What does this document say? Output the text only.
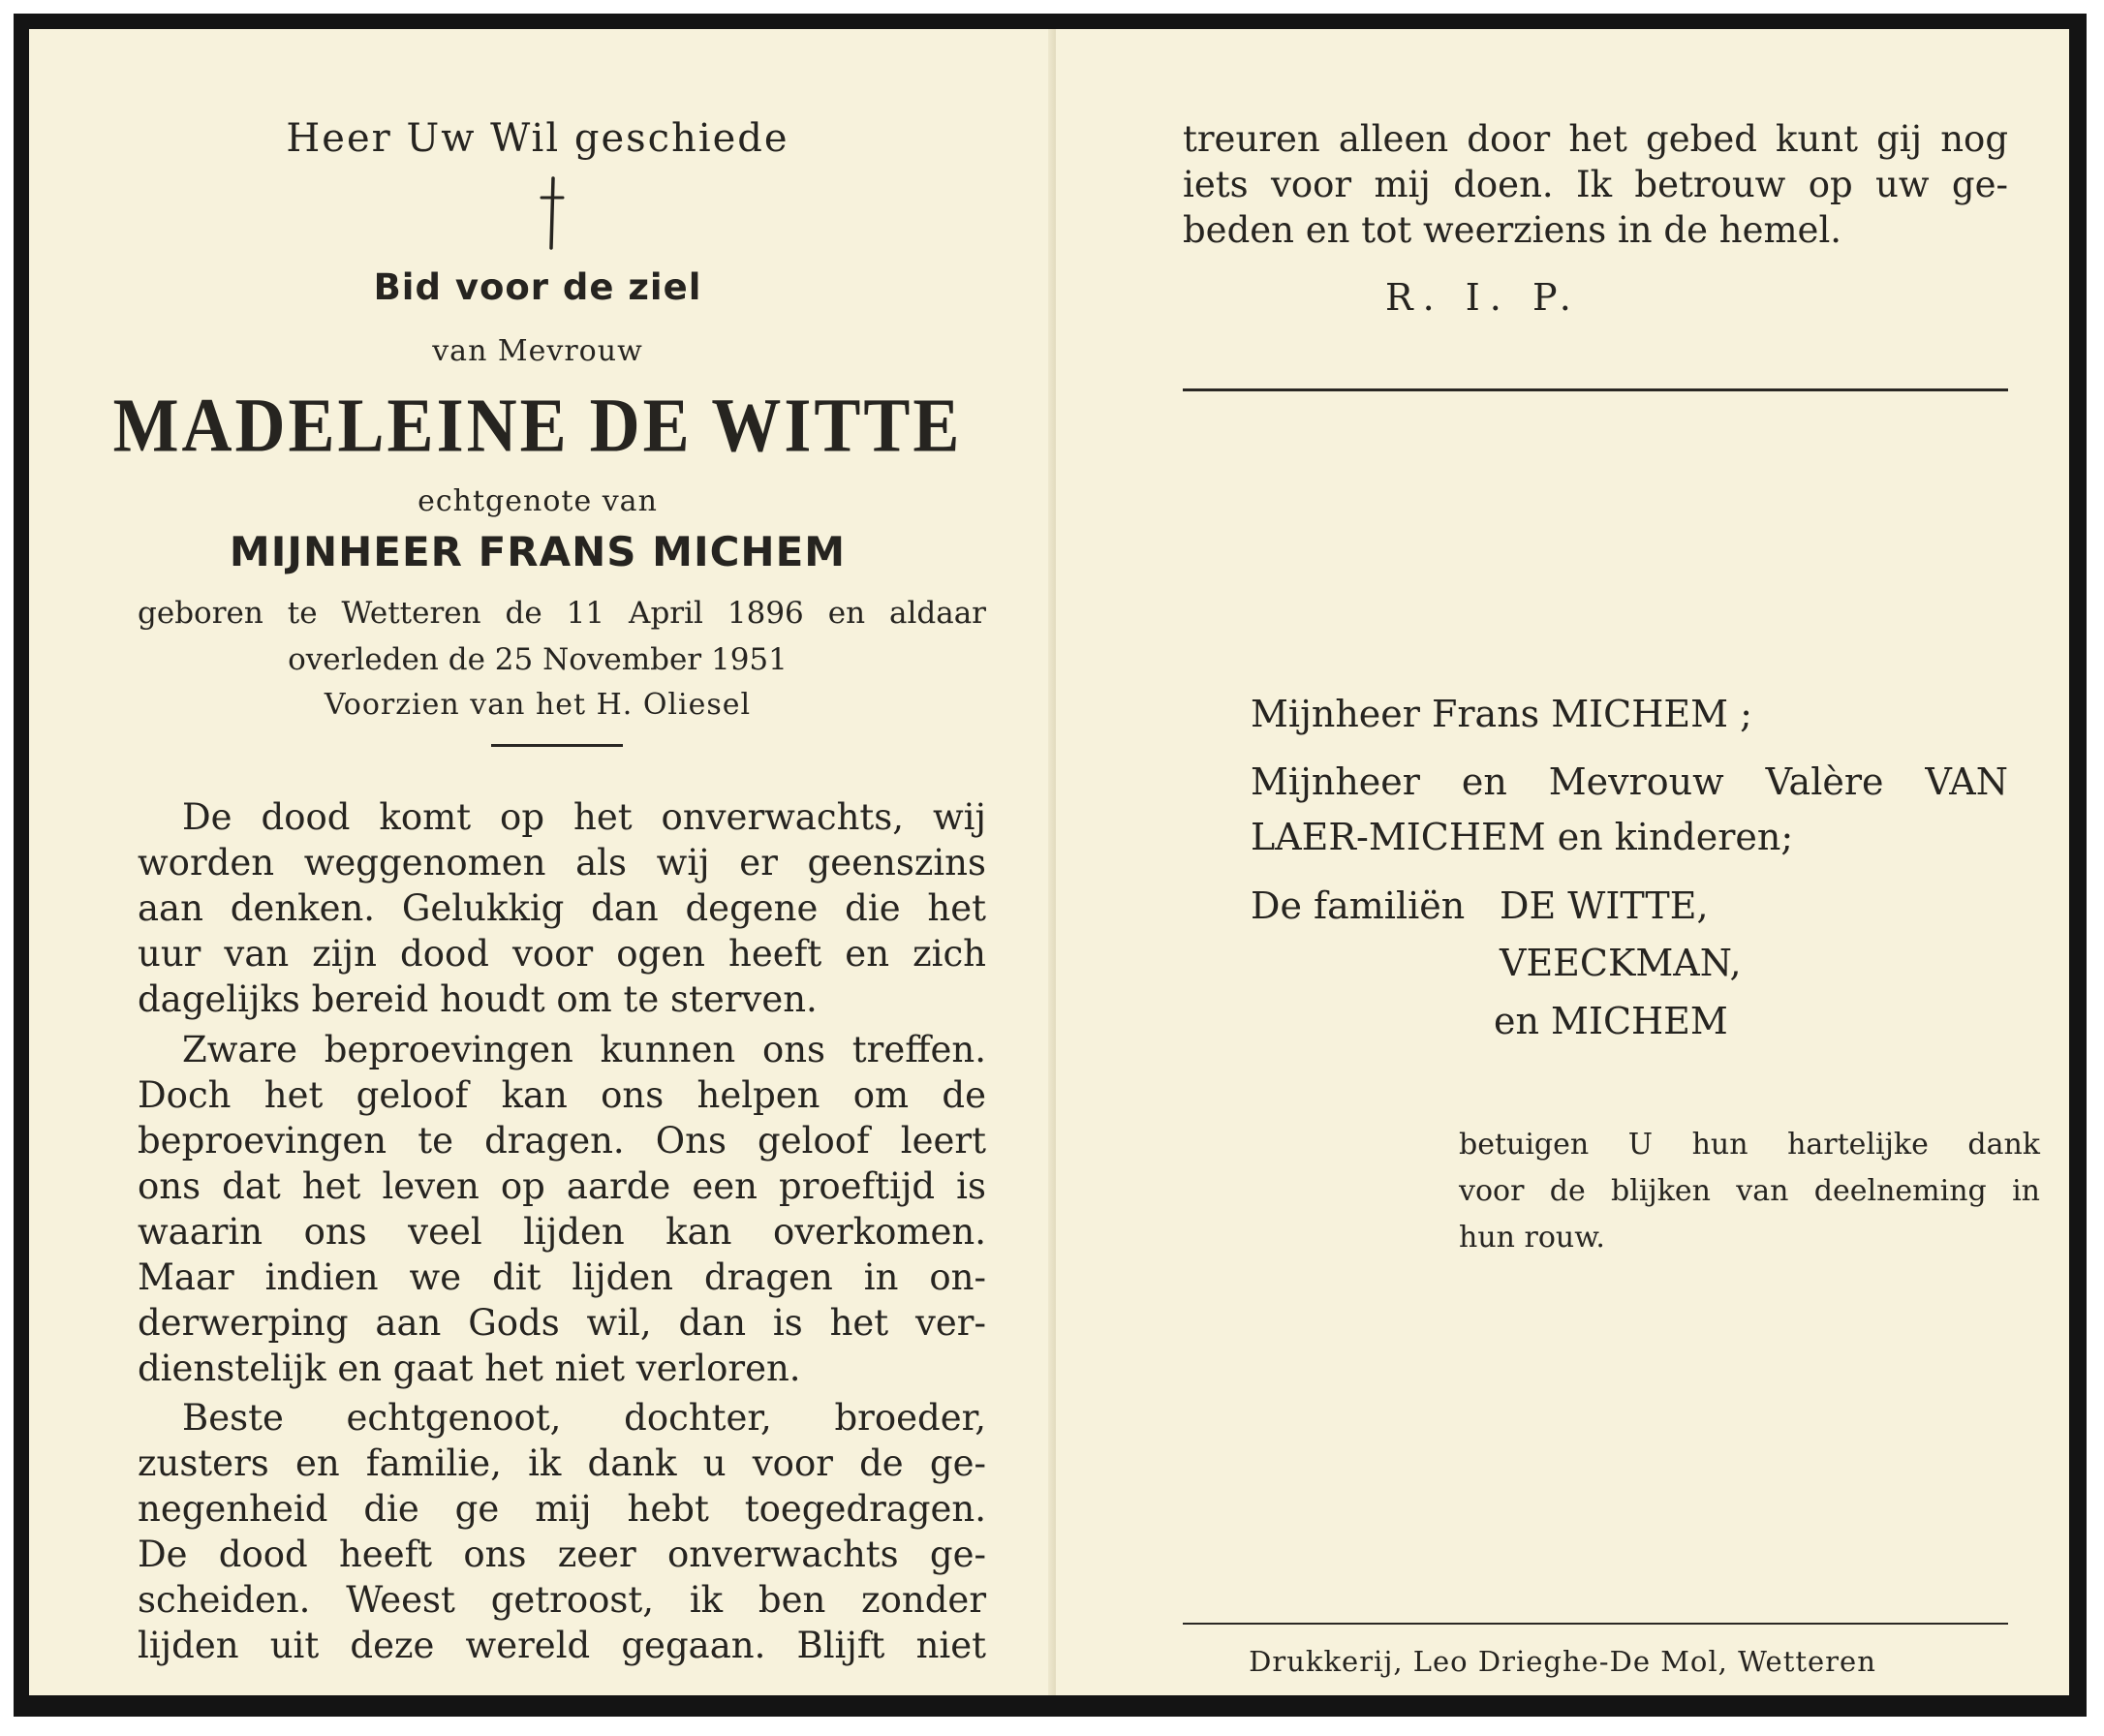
Heer Uw Wil geschiede
Bid voor de ziel
van Mevrouw
MADELEINE DE WITTE
echtgenote van
MIJNHEER FRANS MICHEM
geboren te Wetteren de 11 April 1896 en aldaar
overleden de 25 November 1951
Voorzien van het H. Oliesel
De dood komt op het onverwachts, wij
worden weggenomen als wij er geenszins
aan denken. Gelukkig dan degene die het
uur van zijn dood voor ogen heeft en zich
dagelijks bereid houdt om te sterven.
Zware beproevingen kunnen ons treffen.
Doch het geloof kan ons helpen om de
beproevingen te dragen. Ons geloof leert
ons dat het leven op aarde een proeftijd is
waarin ons veel lijden kan overkomen.
Maar indien we dit lijden dragen in on-
derwerping aan Gods wil, dan is het ver-
dienstelijk en gaat het niet verloren.
Beste echtgenoot, dochter, broeder,
zusters en familie, ik dank u voor de ge-
negenheid die ge mij hebt toegedragen.
De dood heeft ons zeer onverwachts ge-
scheiden. Weest getroost, ik ben zonder
lijden uit deze wereld gegaan. Blijft niet
treuren alleen door het gebed kunt gij nog
iets voor mij doen. Ik betrouw op uw ge-
beden en tot weerziens in de hemel.
R. I. P.
Mijnheer Frans MICHEM ;
Mijnheer en Mevrouw Valère VAN
LAER-MICHEM en kinderen;
De familiën DE WITTE,
VEECKMAN,
en MICHEM
betuigen U hun hartelijke dank
voor de blijken van deelneming in
hun rouw.
Drukkerij, Leo Drieghe-De Mol, Wetteren
